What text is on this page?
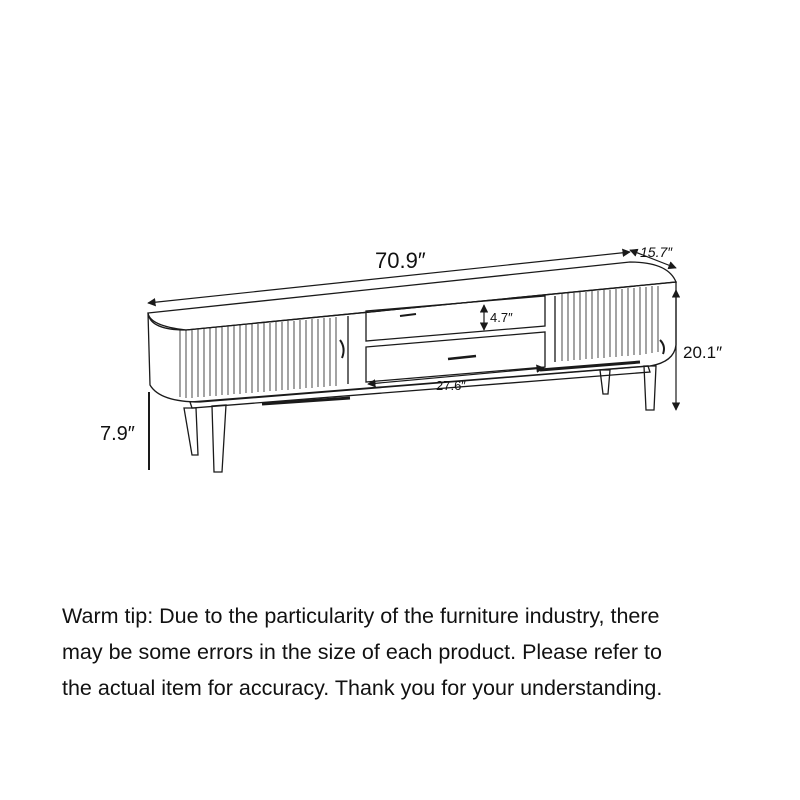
70.9″	15.7″
20.1″
7.9″
4.7″
27.6″

Warm tip: Due to the particularity of the furniture industry, there
may be some errors in the size of each product. Please refer to
the actual item for accuracy. Thank you for your understanding.
